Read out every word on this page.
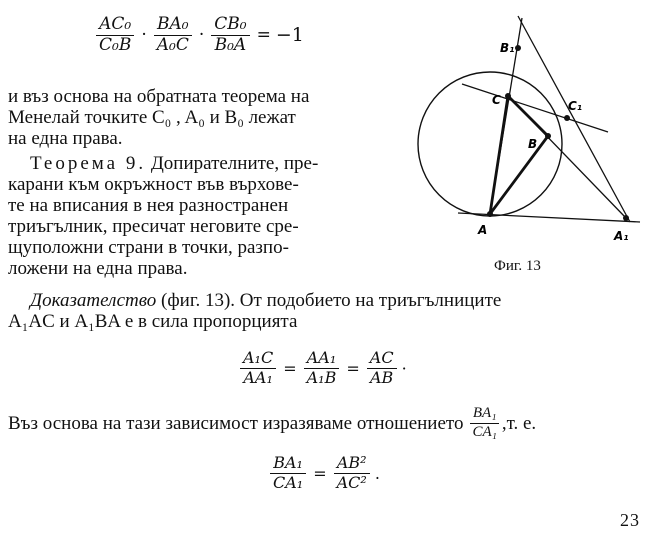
$\frac{\text{AC₀}}{\text{C₀B}} \cdot \frac{\text{BA₀}}{\text{A₀C}} \cdot \frac{\text{CB₀}}{\text{B₀A}} = -1$
и въз основа на обратната теорема на
Менелай точките C₀ , A₀ и B₀ лежат
на една права.
Теорема 9. Допирателните, пре-
карани към окръжност във върхове-
те на вписания в нея разностранен
триъгълник, пресичат неговите сре-
щуположни страни в точки, разпо-
ложени на една права.
B₁
C	C₁
B
A	A₁
Фиг. 13
Доказателство (фиг. 13). От подобието на триъгълниците
A₁AC и A₁BA е в сила пропорцията
$\frac{\text{A₁C}}{\text{AA₁}} = \frac{\text{AA₁}}{\text{A₁B}} = \frac{AC}{AB}$ ·
Въз основа на тази зависимост изразяваме отношението $\frac{\text{BA₁}}{\text{CA₁}} ,т$. е.
$\frac{\text{BA₁}}{\text{CA₁}} = \frac{\text{AB²}}{\text{AC²}}$ .
23
